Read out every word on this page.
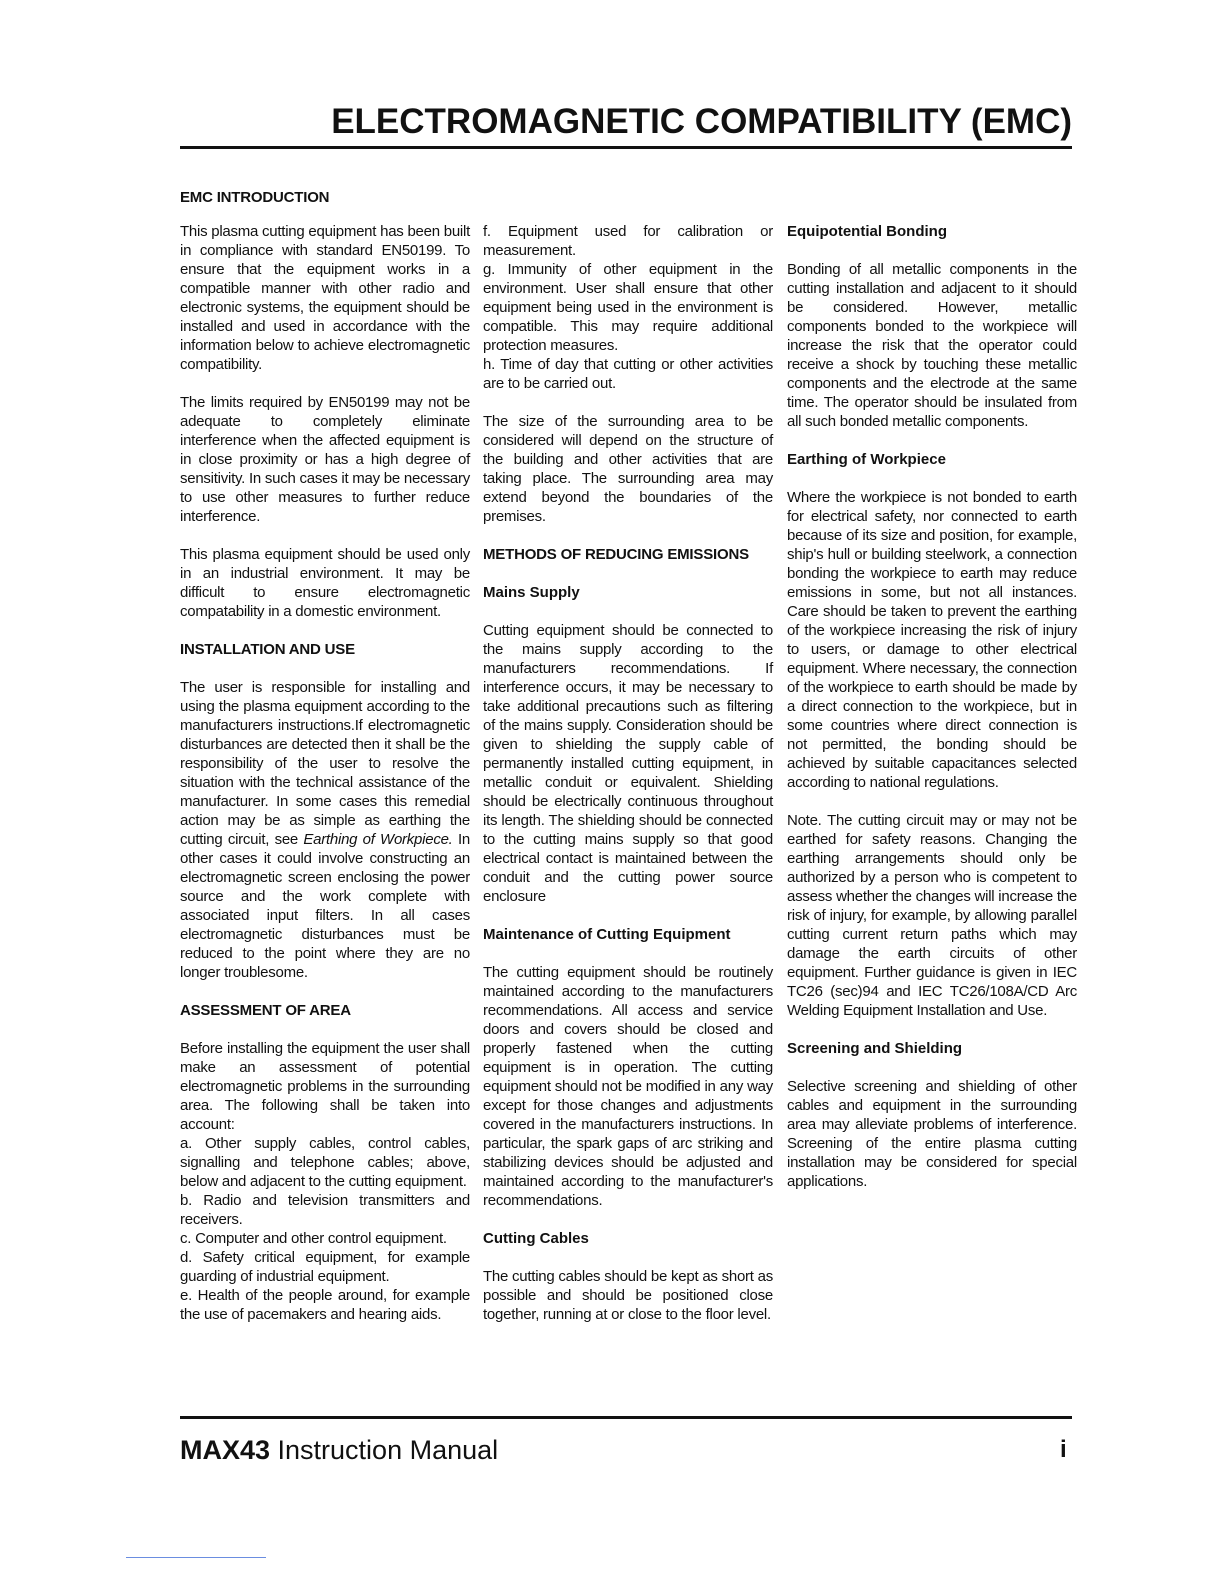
ELECTROMAGNETIC COMPATIBILITY (EMC)
EMC INTRODUCTION

This plasma cutting equipment has been built in compliance with standard EN50199. To ensure that the equipment works in a compatible manner with other radio and electronic systems, the equipment should be installed and used in accordance with the information below to achieve electromagnetic compatibility.

The limits required by EN50199 may not be adequate to completely eliminate interference when the affected equipment is in close proximity or has a high degree of sensitivity. In such cases it may be necessary to use other measures to further reduce interference.

This plasma equipment should be used only in an industrial environment. It may be difficult to ensure electromagnetic compatability in a domestic environment.

INSTALLATION AND USE

The user is responsible for installing and using the plasma equipment according to the manufacturers instructions.If electromagnetic disturbances are detected then it shall be the responsibility of the user to resolve the situation with the technical assistance of the manufacturer. In some cases this remedial action may be as simple as earthing the cutting circuit, see Earthing of Workpiece. In other cases it could involve constructing an electromagnetic screen enclosing the power source and the work complete with associated input filters. In all cases electromagnetic disturbances must be reduced to the point where they are no longer troublesome.

ASSESSMENT OF AREA

Before installing the equipment the user shall make an assessment of potential electromagnetic problems in the surrounding area. The following shall be taken into account:

a. Other supply cables, control cables, signalling and telephone cables; above, below and adjacent to the cutting equipment.

b. Radio and television transmitters and receivers.

c. Computer and other control equipment.

d. Safety critical equipment, for example guarding of industrial equipment.

e. Health of the people around, for example the use of pacemakers and hearing aids.

f. Equipment used for calibration or measurement.

g. Immunity of other equipment in the environment. User shall ensure that other equipment being used in the environment is compatible. This may require additional protection measures.

h. Time of day that cutting or other activities are to be carried out.

The size of the surrounding area to be considered will depend on the structure of the building and other activities that are taking place. The surrounding area may extend beyond the boundaries of the premises.

METHODS OF REDUCING EMISSIONS
Mains Supply

Cutting equipment should be connected to the mains supply according to the manufacturers recommendations. If interference occurs, it may be necessary to take additional precautions such as filtering of the mains supply. Consideration should be given to shielding the supply cable of permanently installed cutting equipment, in metallic conduit or equivalent. Shielding should be electrically continuous throughout its length. The shielding should be connected to the cutting mains supply so that good electrical contact is maintained between the conduit and the cutting power source enclosure

Maintenance of Cutting Equipment

The cutting equipment should be routinely maintained according to the manufacturers recommendations. All access and service doors and covers should be closed and properly fastened when the cutting equipment is in operation. The cutting equipment should not be modified in any way except for those changes and adjustments covered in the manufacturers instructions. In particular, the spark gaps of arc striking and stabilizing devices should be adjusted and maintained according to the manufacturer's recommendations.

Cutting Cables

The cutting cables should be kept as short as possible and should be positioned close together, running at or close to the floor level.

Equipotential Bonding

Bonding of all metallic components in the cutting installation and adjacent to it should be considered. However, metallic components bonded to the workpiece will increase the risk that the operator could receive a shock by touching these metallic components and the electrode at the same time. The operator should be insulated from all such bonded metallic components.

Earthing of Workpiece

Where the workpiece is not bonded to earth for electrical safety, nor connected to earth because of its size and position, for example, ship's hull or building steelwork, a connection bonding the workpiece to earth may reduce emissions in some, but not all instances. Care should be taken to prevent the earthing of the workpiece increasing the risk of injury to users, or damage to other electrical equipment. Where necessary, the connection of the workpiece to earth should be made by a direct connection to the workpiece, but in some countries where direct connection is not permitted, the bonding should be achieved by suitable capacitances selected according to national regulations.

Note. The cutting circuit may or may not be earthed for safety reasons. Changing the earthing arrangements should only be authorized by a person who is competent to assess whether the changes will increase the risk of injury, for example, by allowing parallel cutting current return paths which may damage the earth circuits of other equipment. Further guidance is given in IEC TC26 (sec)94 and IEC TC26/108A/CD Arc Welding Equipment Installation and Use.

Screening and Shielding

Selective screening and shielding of other cables and equipment in the surrounding area may alleviate problems of interference. Screening of the entire plasma cutting installation may be considered for special applications.

MAX43 Instruction Manual	i
